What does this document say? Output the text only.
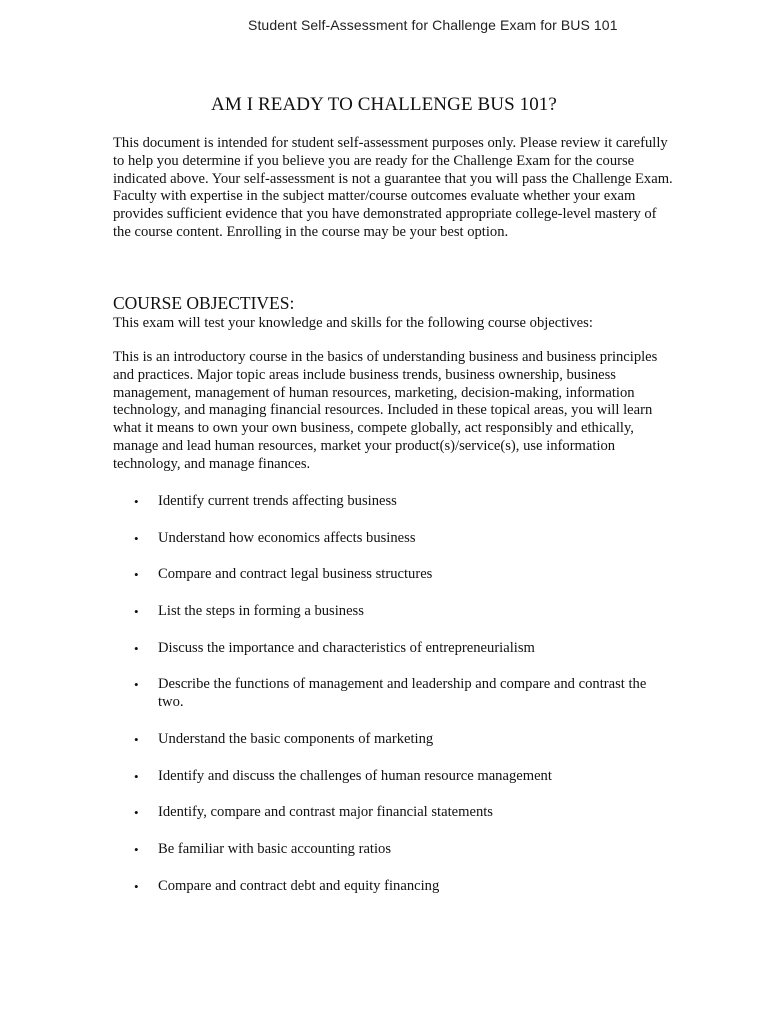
Student Self-Assessment for Challenge Exam for BUS 101
AM I READY TO CHALLENGE BUS 101?

This document is intended for student self-assessment purposes only. Please review it carefully to help you determine if you believe you are ready for the Challenge Exam for the course indicated above. Your self-assessment is not a guarantee that you will pass the Challenge Exam. Faculty with expertise in the subject matter/course outcomes evaluate whether your exam provides sufficient evidence that you have demonstrated appropriate college-level mastery of the course content. Enrolling in the course may be your best option.

COURSE OBJECTIVES:

This exam will test your knowledge and skills for the following course objectives:

This is an introductory course in the basics of understanding business and business principles and practices. Major topic areas include business trends, business ownership, business management, management of human resources, marketing, decision-making, information technology, and managing financial resources. Included in these topical areas, you will learn what it means to own your own business, compete globally, act responsibly and ethically, manage and lead human resources, market your product(s)/service(s), use information technology, and manage finances.

• Identify current trends affecting business
• Understand how economics affects business
• Compare and contract legal business structures
• List the steps in forming a business
• Discuss the importance and characteristics of entrepreneurialism
• Describe the functions of management and leadership and compare and contrast the two.
• Understand the basic components of marketing
• Identify and discuss the challenges of human resource management
• Identify, compare and contrast major financial statements
• Be familiar with basic accounting ratios
• Compare and contract debt and equity financing
